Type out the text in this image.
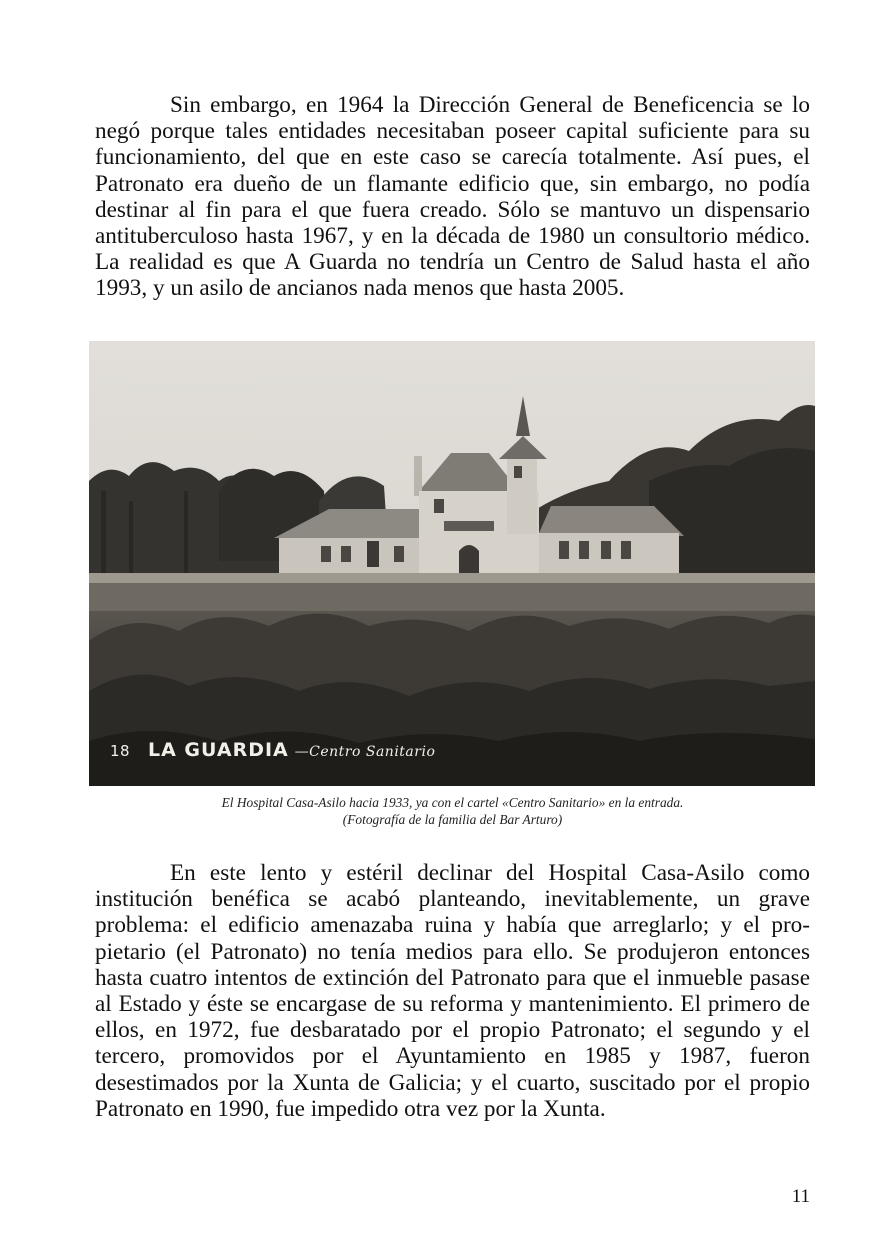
Sin embargo, en 1964 la Dirección General de Beneficencia se lo negó porque tales entidades necesitaban poseer capital suficiente para su funcionamiento, del que en este caso se carecía totalmente. Así pues, el Patronato era dueño de un flamante edificio que, sin embargo, no podía destinar al fin para el que fuera creado. Sólo se mantuvo un dispensario antituberculoso hasta 1967, y en la década de 1980 un consultorio médico. La realidad es que A Guarda no tendría un Centro de Salud hasta el año 1993, y un asilo de ancianos nada menos que hasta 2005.

18 LA GUARDIA —Centro Sanitario
El Hospital Casa-Asilo hacia 1933, ya con el cartel «Centro Sanitario» en la entrada.
(Fotografía de la familia del Bar Arturo)

En este lento y estéril declinar del Hospital Casa-Asilo como institución benéfica se acabó planteando, inevitablemente, un grave problema: el edificio amenazaba ruina y había que arreglarlo; y el propietario (el Patronato) no tenía medios para ello. Se produjeron entonces hasta cuatro intentos de extinción del Patronato para que el inmueble pasase al Estado y éste se encargase de su reforma y mantenimiento. El primero de ellos, en 1972, fue desbaratado por el propio Patronato; el segundo y el tercero, promovidos por el Ayuntamiento en 1985 y 1987, fueron desestimados por la Xunta de Galicia; y el cuarto, suscitado por el propio Patronato en 1990, fue impedido otra vez por la Xunta.

11
